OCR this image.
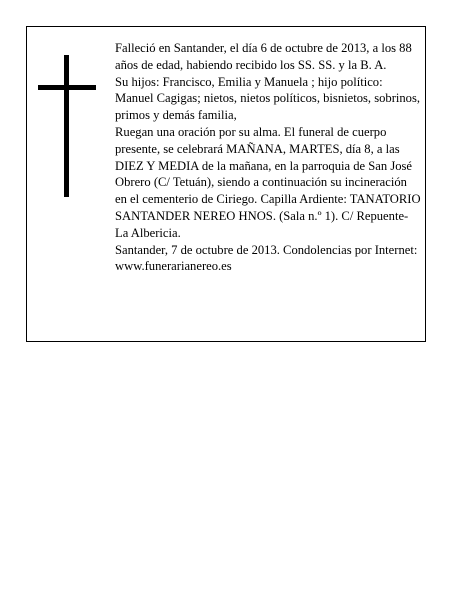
Falleció en Santander, el día 6 de octubre de 2013, a los 88 años de edad, habiendo recibido los SS. SS. y la B. A.

Su hijos: Francisco, Emilia y Manuela ; hijo político: Manuel Cagigas; nietos, nietos políticos, bisnietos, sobrinos, primos y demás familia,

Ruegan una oración por su alma. El funeral de cuerpo presente, se celebrará MAÑANA, MARTES, día 8, a las DIEZ Y MEDIA de la mañana, en la parroquia de San José Obrero (C/ Tetuán), siendo a continuación su incineración en el cementerio de Ciriego. Capilla Ardiente: TANATORIO SANTANDER NEREO HNOS. (Sala n.º 1). C/ Repuente-La Albericia.

Santander, 7 de octubre de 2013. Condolencias por Internet: www.funerarianereo.es
